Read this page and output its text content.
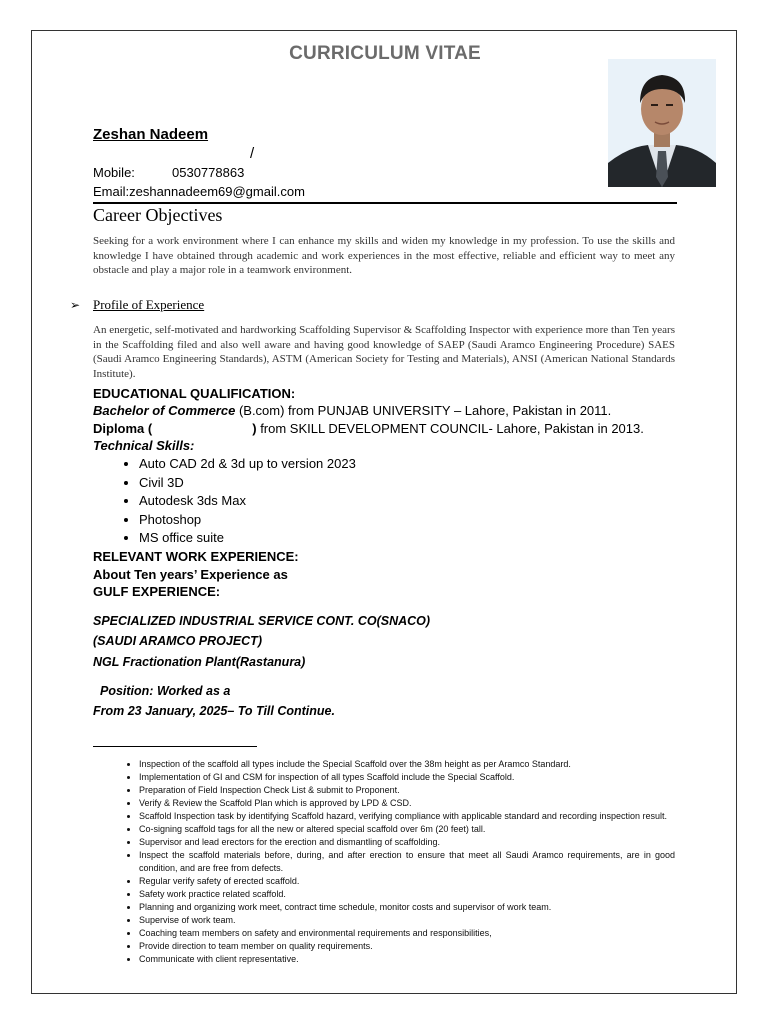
CURRICULUM VITAE
Zeshan Nadeem
/
Mobile:	0530778863
Email:zeshannadeem69@gmail.com
Career Objectives
Seeking for a work environment where I can enhance my skills and widen my knowledge in my profession. To use the skills and knowledge I have obtained through academic and work experiences in the most effective, reliable and efficient way to meet any obstacle and play a major role in a teamwork environment.
➢ Profile of Experience
An energetic, self-motivated and hardworking Scaffolding Supervisor & Scaffolding Inspector with experience more than Ten years in the Scaffolding filed and also well aware and having good knowledge of SAEP (Saudi Aramco Engineering Procedure) SAES (Saudi Aramco Engineering Standards), ASTM (American Society for Testing and Materials), ANSI (American National Standards Institute).
EDUCATIONAL QUALIFICATION:
Bachelor of Commerce (B.com) from PUNJAB UNIVERSITY – Lahore, Pakistan in 2011.
Diploma (	) from SKILL DEVELOPMENT COUNCIL- Lahore, Pakistan in 2013.
Technical Skills:
• Auto CAD 2d & 3d up to version 2023
• Civil 3D
• Autodesk 3ds Max
• Photoshop
• MS office suite
RELEVANT WORK EXPERIENCE:
About Ten years’ Experience as
GULF EXPERIENCE:
SPECIALIZED INDUSTRIAL SERVICE CONT. CO(SNACO)
(SAUDI ARAMCO PROJECT)
NGL Fractionation Plant(Rastanura)
Position: Worked as a
From 23 January, 2025– To Till Continue.
• Inspection of the scaffold all types include the Special Scaffold over the 38m height as per Aramco Standard.
• Implementation of GI and CSM for inspection of all types Scaffold include the Special Scaffold.
• Preparation of Field Inspection Check List & submit to Proponent.
• Verify & Review the Scaffold Plan which is approved by LPD & CSD.
• Scaffold Inspection task by identifying Scaffold hazard, verifying compliance with applicable standard and recording inspection result.
• Co-signing scaffold tags for all the new or altered special scaffold over 6m (20 feet) tall.
• Supervisor and lead erectors for the erection and dismantling of scaffolding.
• Inspect the scaffold materials before, during, and after erection to ensure that meet all Saudi Aramco requirements, are in good condition, and are free from defects.
• Regular verify safety of erected scaffold.
• Safety work practice related scaffold.
• Planning and organizing work meet, contract time schedule, monitor costs and supervisor of work team.
• Supervise of work team.
• Coaching team members on safety and environmental requirements and responsibilities,
• Provide direction to team member on quality requirements.
• Communicate with client representative.
